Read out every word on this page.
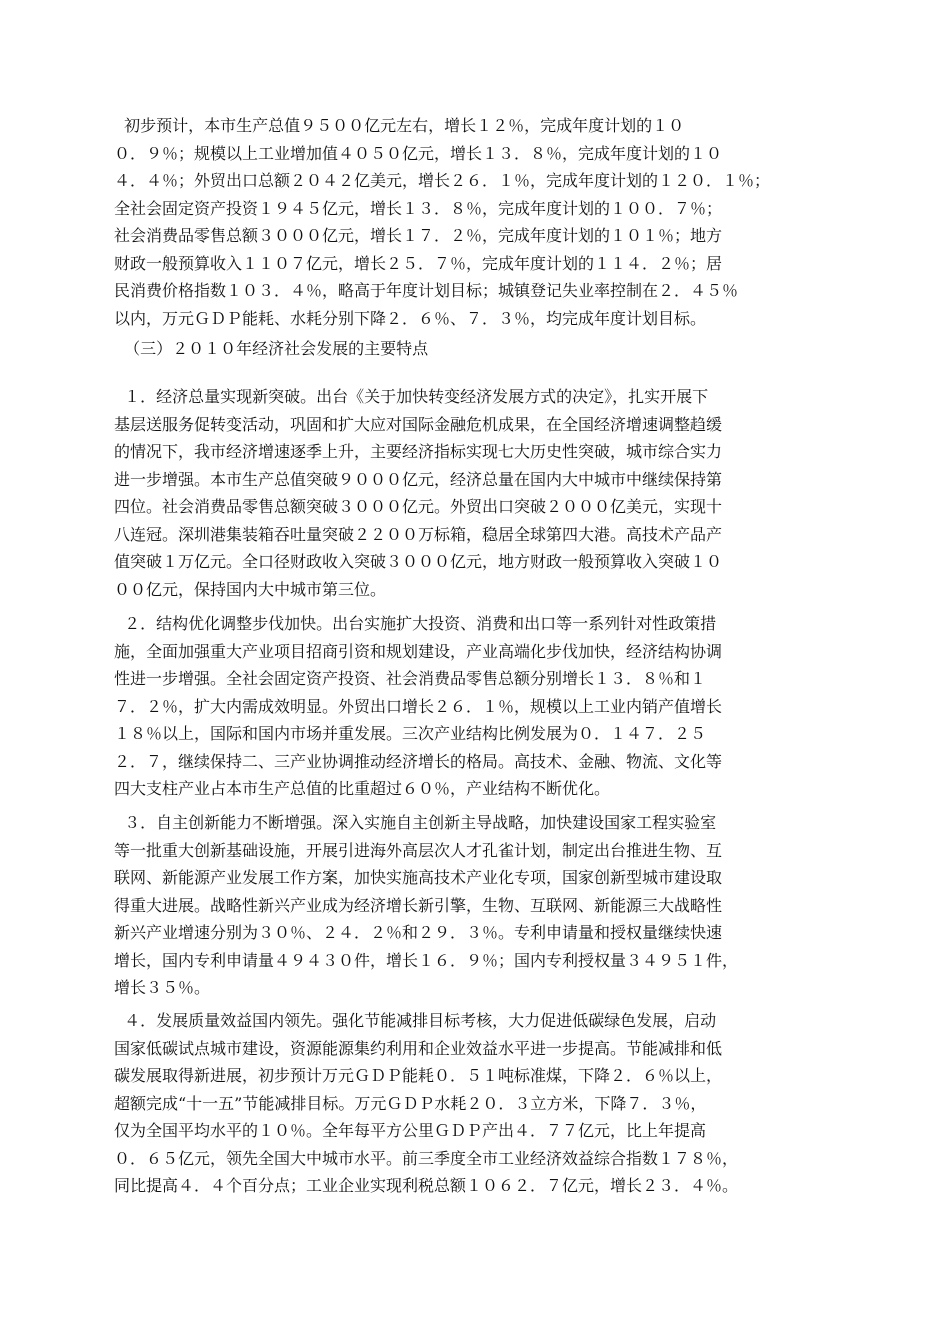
初步预计，本市生产总值９５００亿元左右，增长１２％，完成年度计划的１０
０．９％；规模以上工业增加值４０５０亿元，增长１３．８％，完成年度计划的１０
４．４％；外贸出口总额２０４２亿美元，增长２６．１％，完成年度计划的１２０．１％；
全社会固定资产投资１９４５亿元，增长１３．８％，完成年度计划的１００．７％；
社会消费品零售总额３０００亿元，增长１７．２％，完成年度计划的１０１％；地方
财政一般预算收入１１０７亿元，增长２５．７％，完成年度计划的１１４．２％；居
民消费价格指数１０３．４％，略高于年度计划目标；城镇登记失业率控制在２．４５％
以内，万元ＧＤＰ能耗、水耗分别下降２．６％、７．３％，均完成年度计划目标。
（三）２０１０年经济社会发展的主要特点
１．经济总量实现新突破。出台《关于加快转变经济发展方式的决定》，扎实开展下
基层送服务促转变活动，巩固和扩大应对国际金融危机成果，在全国经济增速调整趋缓
的情况下，我市经济增速逐季上升，主要经济指标实现七大历史性突破，城市综合实力
进一步增强。本市生产总值突破９０００亿元，经济总量在国内大中城市中继续保持第
四位。社会消费品零售总额突破３０００亿元。外贸出口突破２０００亿美元，实现十
八连冠。深圳港集装箱吞吐量突破２２００万标箱，稳居全球第四大港。高技术产品产
值突破１万亿元。全口径财政收入突破３０００亿元，地方财政一般预算收入突破１０
００亿元，保持国内大中城市第三位。
２．结构优化调整步伐加快。出台实施扩大投资、消费和出口等一系列针对性政策措
施，全面加强重大产业项目招商引资和规划建设，产业高端化步伐加快，经济结构协调
性进一步增强。全社会固定资产投资、社会消费品零售总额分别增长１３．８％和１
７．２％，扩大内需成效明显。外贸出口增长２６．１％，规模以上工业内销产值增长
１８％以上，国际和国内市场并重发展。三次产业结构比例发展为０．１４７．２５
２．７，继续保持二、三产业协调推动经济增长的格局。高技术、金融、物流、文化等
四大支柱产业占本市生产总值的比重超过６０％，产业结构不断优化。
３．自主创新能力不断增强。深入实施自主创新主导战略，加快建设国家工程实验室
等一批重大创新基础设施，开展引进海外高层次人才孔雀计划，制定出台推进生物、互
联网、新能源产业发展工作方案，加快实施高技术产业化专项，国家创新型城市建设取
得重大进展。战略性新兴产业成为经济增长新引擎，生物、互联网、新能源三大战略性
新兴产业增速分别为３０％、２４．２％和２９．３％。专利申请量和授权量继续快速
增长，国内专利申请量４９４３０件，增长１６．９％；国内专利授权量３４９５１件，
增长３５％。
４．发展质量效益国内领先。强化节能减排目标考核，大力促进低碳绿色发展，启动
国家低碳试点城市建设，资源能源集约利用和企业效益水平进一步提高。节能减排和低
碳发展取得新进展，初步预计万元ＧＤＰ能耗０．５１吨标准煤，下降２．６％以上，
超额完成“十一五”节能减排目标。万元ＧＤＰ水耗２０．３立方米，下降７．３％，
仅为全国平均水平的１０％。全年每平方公里ＧＤＰ产出４．７７亿元，比上年提高
０．６５亿元，领先全国大中城市水平。前三季度全市工业经济效益综合指数１７８％，
同比提高４．４个百分点；工业企业实现利税总额１０６２．７亿元，增长２３．４％。
